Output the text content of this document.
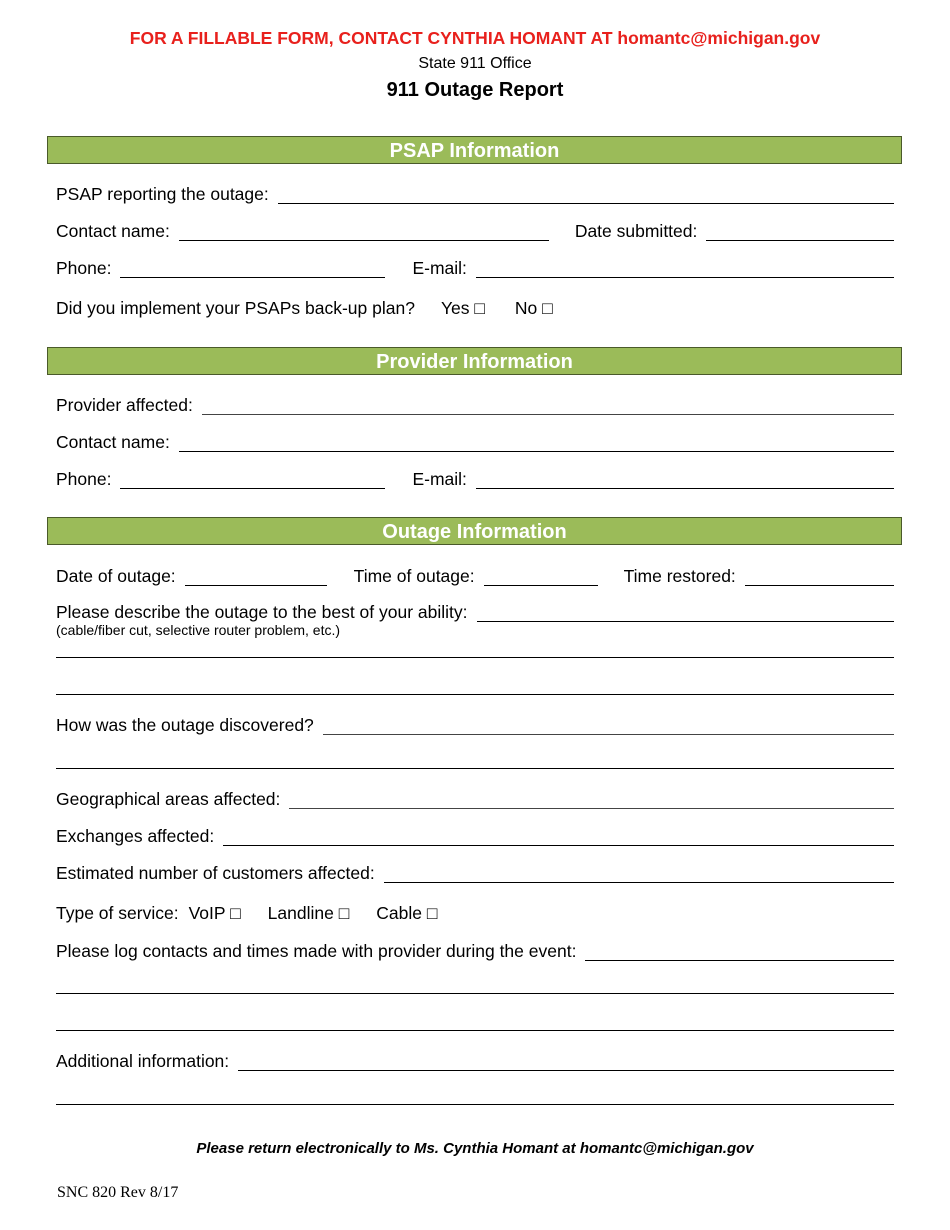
FOR A FILLABLE FORM, CONTACT CYNTHIA HOMANT AT homantc@michigan.gov
State 911 Office
911 Outage Report
PSAP Information
PSAP reporting the outage:
Contact name:	Date submitted:
Phone:	E-mail:
Did you implement your PSAPs back-up plan? Yes □ No □
Provider Information
Provider affected:
Contact name:
Phone:	E-mail:
Outage Information
Date of outage:	Time of outage:	Time restored:
Please describe the outage to the best of your ability:
(cable/fiber cut, selective router problem, etc.)
How was the outage discovered?
Geographical areas affected:
Exchanges affected:
Estimated number of customers affected:
Type of service: VoIP □ Landline □ Cable □
Please log contacts and times made with provider during the event:
Additional information:
Please return electronically to Ms. Cynthia Homant at homantc@michigan.gov
SNC 820 Rev 8/17
